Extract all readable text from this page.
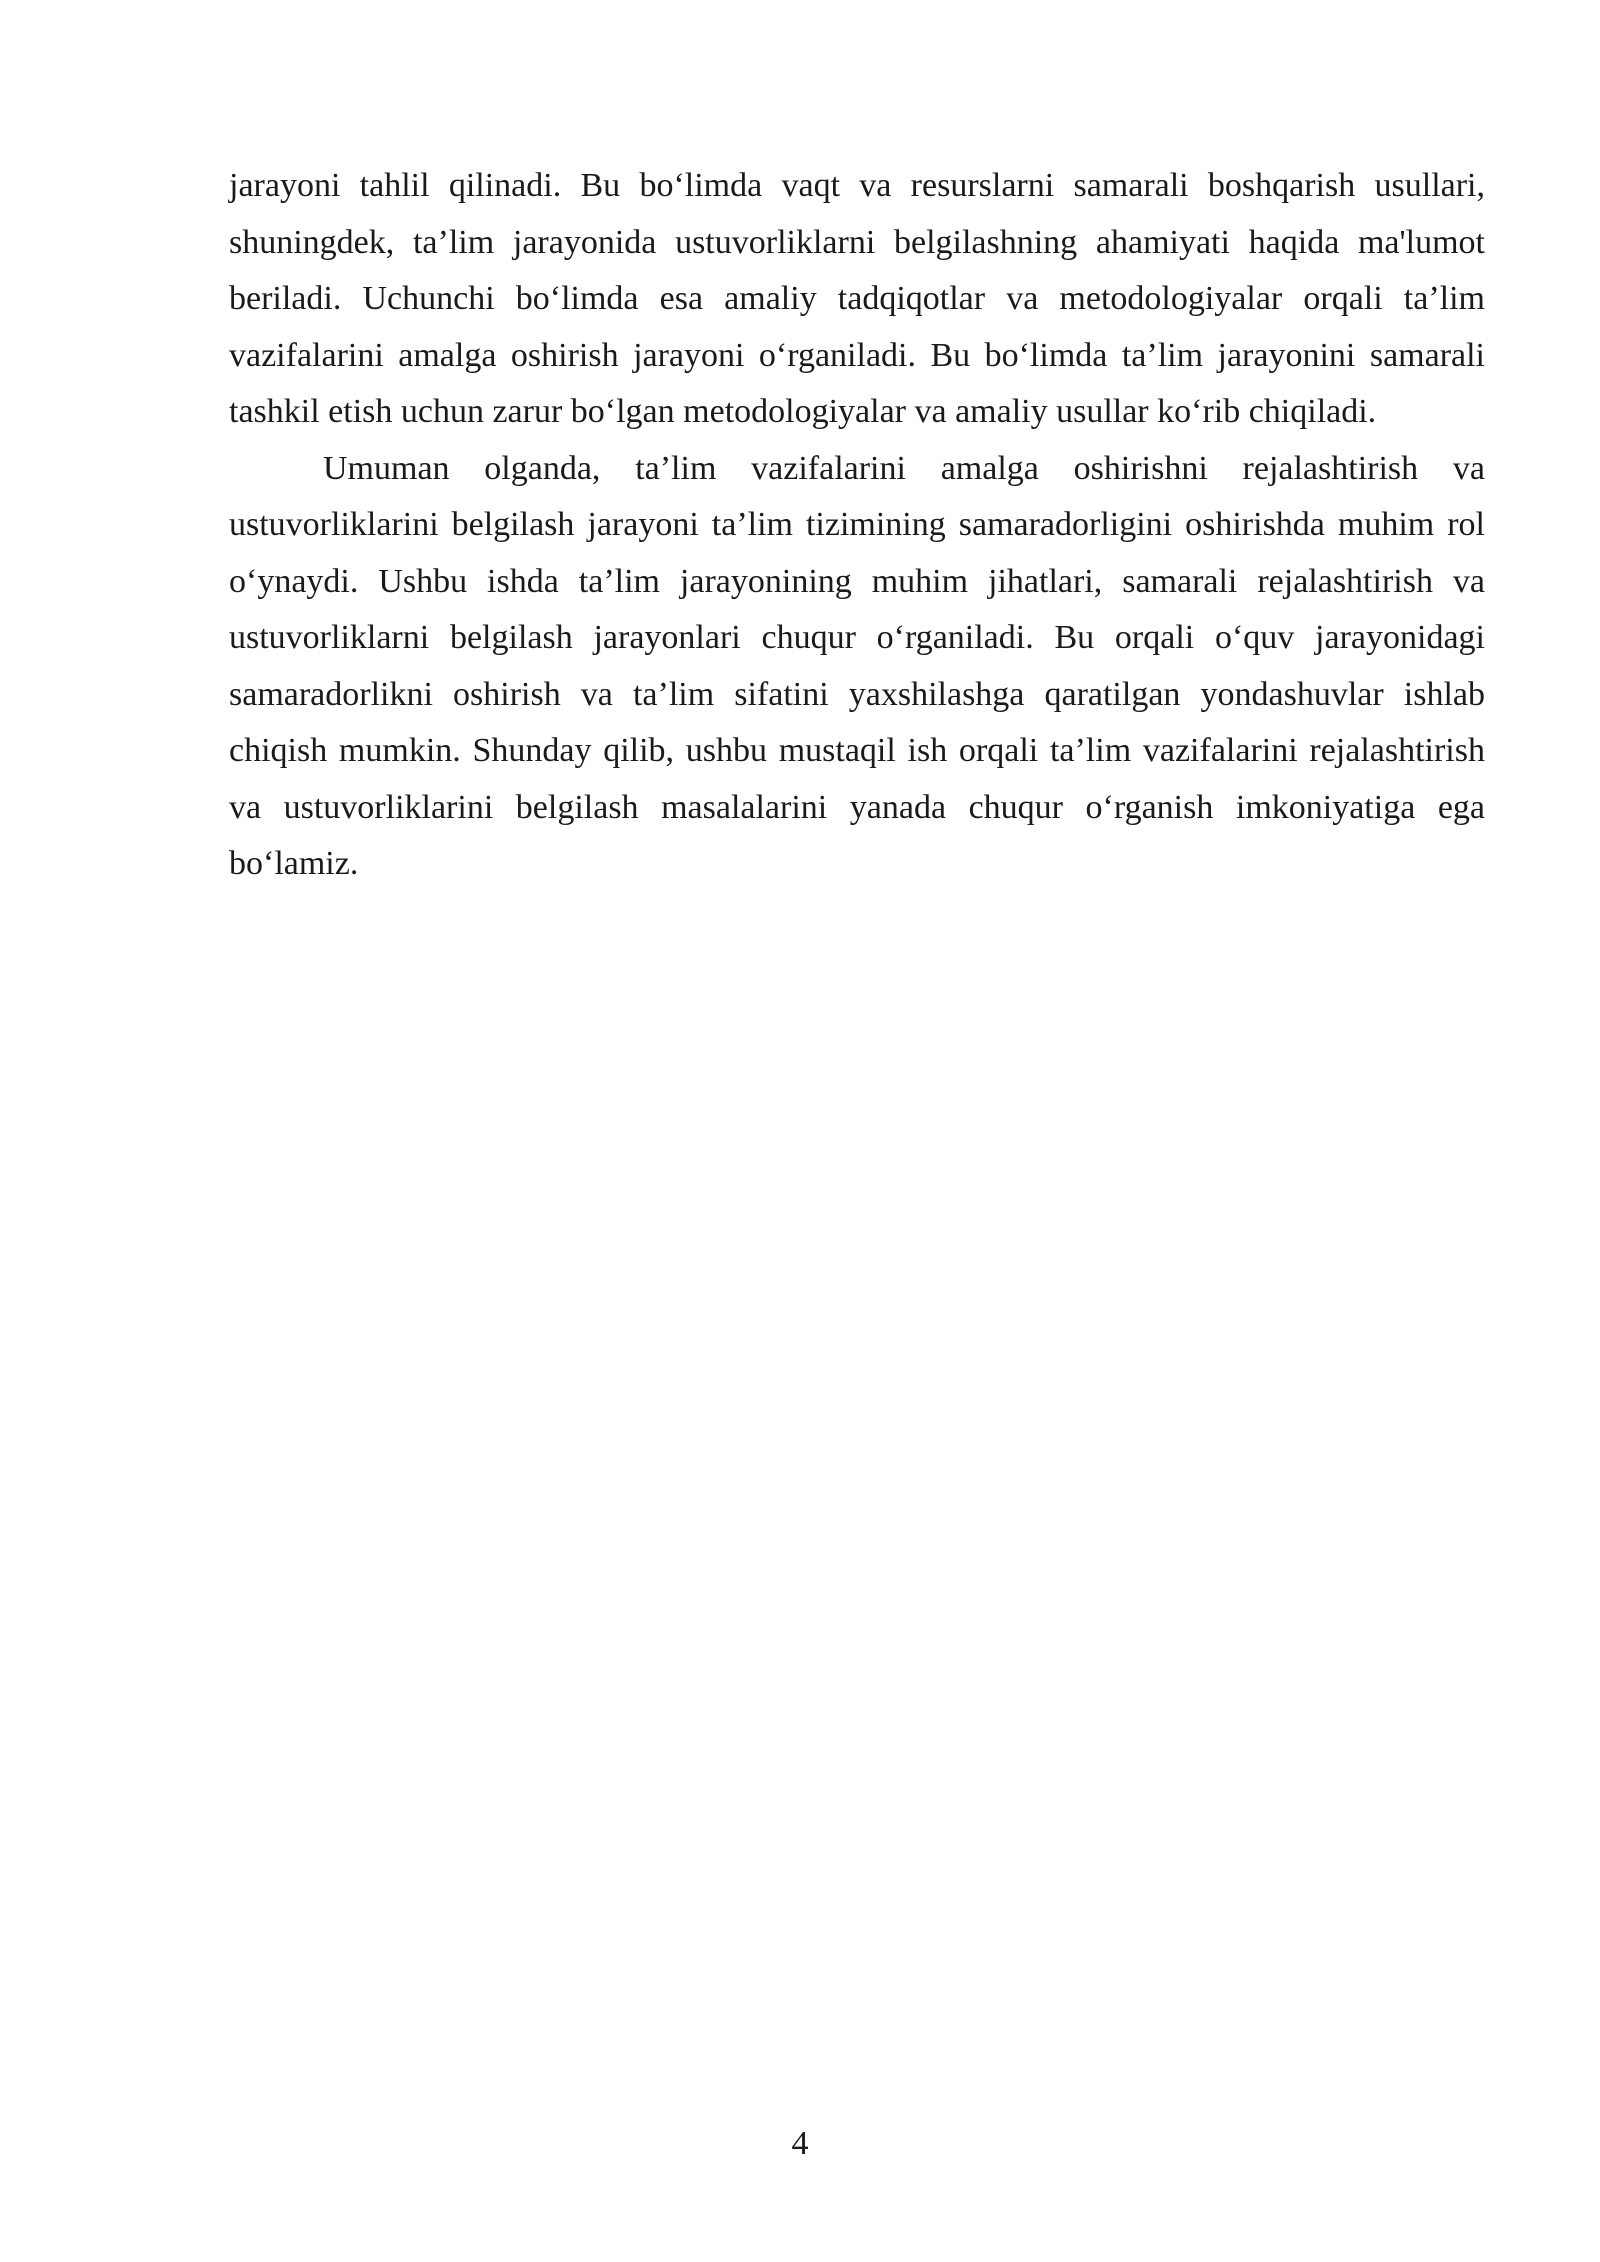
jarayoni tahlil qilinadi. Bu bo‘limda vaqt va resurslarni samarali boshqarish usullari, shuningdek, ta’lim jarayonida ustuvorliklarni belgilashning ahamiyati haqida ma'lumot beriladi. Uchunchi bo‘limda esa amaliy tadqiqotlar va metodologiyalar orqali ta’lim vazifalarini amalga oshirish jarayoni o‘rganiladi. Bu bo‘limda ta’lim jarayonini samarali tashkil etish uchun zarur bo‘lgan metodologiyalar va amaliy usullar ko‘rib chiqiladi.

Umuman olganda, ta’lim vazifalarini amalga oshirishni rejalashtirish va ustuvorliklarini belgilash jarayoni ta’lim tizimining samaradorligini oshirishda muhim rol o‘ynaydi. Ushbu ishda ta’lim jarayonining muhim jihatlari, samarali rejalashtirish va ustuvorliklarni belgilash jarayonlari chuqur o‘rganiladi. Bu orqali o‘quv jarayonidagi samaradorlikni oshirish va ta’lim sifatini yaxshilashga qaratilgan yondashuvlar ishlab chiqish mumkin. Shunday qilib, ushbu mustaqil ish orqali ta’lim vazifalarini rejalashtirish va ustuvorliklarini belgilash masalalarini yanada chuqur o‘rganish imkoniyatiga ega bo‘lamiz.

4
